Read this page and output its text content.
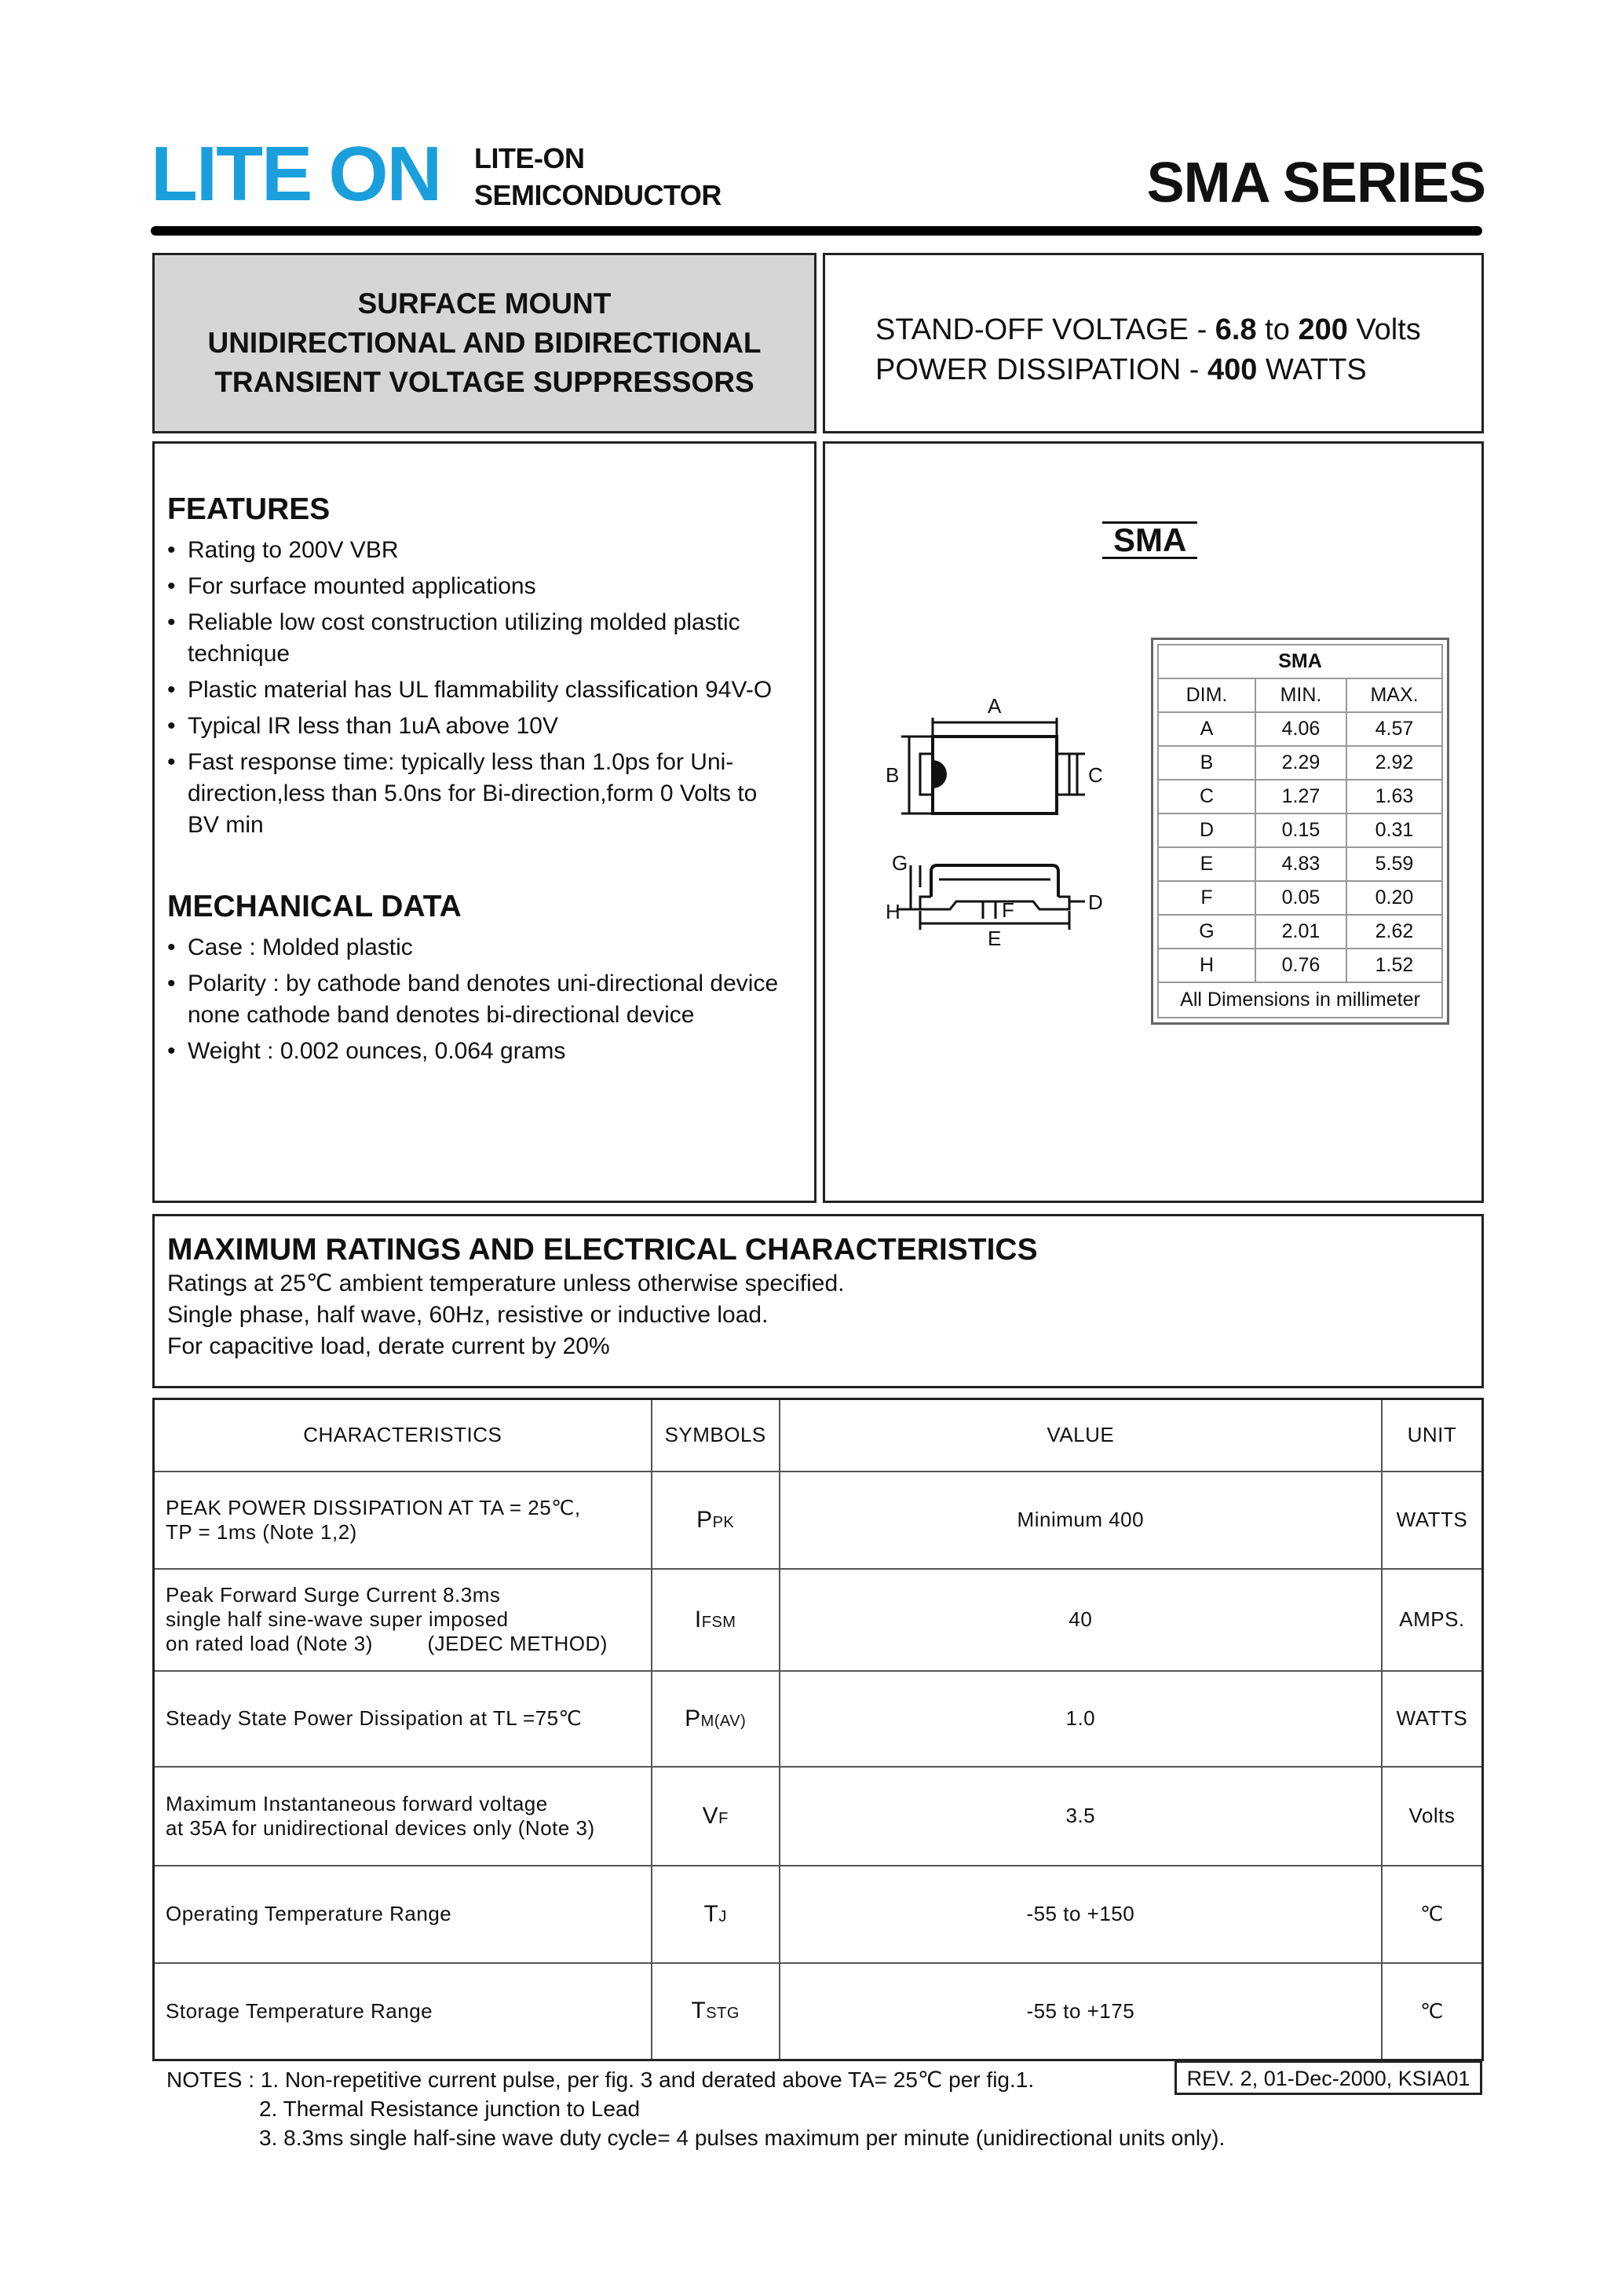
LITE ON LITE-ON
SEMICONDUCTOR	SMA SERIES
SURFACE MOUNT
UNIDIRECTIONAL AND BIDIRECTIONAL
TRANSIENT VOLTAGE SUPPRESSORS
STAND-OFF VOLTAGE - 6.8 to 200 Volts
POWER DISSIPATION - 400 WATTS
FEATURES
• Rating to 200V VBR
• For surface mounted applications
• Reliable low cost construction utilizing molded plastic technique
• Plastic material has UL flammability classification 94V-O
• Typical IR less than 1uA above 10V
• Fast response time: typically less than 1.0ps for Uni-direction,less than 5.0ns for Bi-direction,form 0 Volts to BV min
MECHANICAL DATA
• Case : Molded plastic
• Polarity : by cathode band denotes uni-directional device none cathode band denotes bi-directional device
• Weight : 0.002 ounces, 0.064 grams
SMA
A
B	C
G
H	F	D
E
SMA		
DIM.	MIN.	MAX.
A	4.06	4.57
B	2.29	2.92
C	1.27	1.63
D	0.15	0.31
E	4.83	5.59
F	0.05	0.20
G	2.01	2.62
H	0.76	1.52
All Dimensions in millimeter		
MAXIMUM RATINGS AND ELECTRICAL CHARACTERISTICS
Ratings at 25℃ ambient temperature unless otherwise specified.
Single phase, half wave, 60Hz, resistive or inductive load.
For capacitive load, derate current by 20%
CHARACTERISTICS	SYMBOLS	VALUE	UNIT

PEAK POWER DISSIPATION AT TA = 25℃,
TP = 1ms (Note 1,2)	PPK	Minimum 400	WATTS

Peak Forward Surge Current 8.3ms
single half sine-wave super imposed
on rated load (Note 3)         (JEDEC METHOD)	IFSM	40	AMPS.

Steady State Power Dissipation at TL =75℃	PM(AV)	1.0	WATTS

Maximum Instantaneous forward voltage
at 35A for unidirectional devices only (Note 3)	VF	3.5	Volts

Operating Temperature Range	TJ	-55 to +150	℃

Storage Temperature Range	TSTG	-55 to +175	℃
NOTES : 1. Non-repetitive current pulse, per fig. 3 and derated above TA= 25℃ per fig.1.
2. Thermal Resistance junction to Lead
3. 8.3ms single half-sine wave duty cycle= 4 pulses maximum per minute (unidirectional units only).
REV. 2, 01-Dec-2000, KSIA01
